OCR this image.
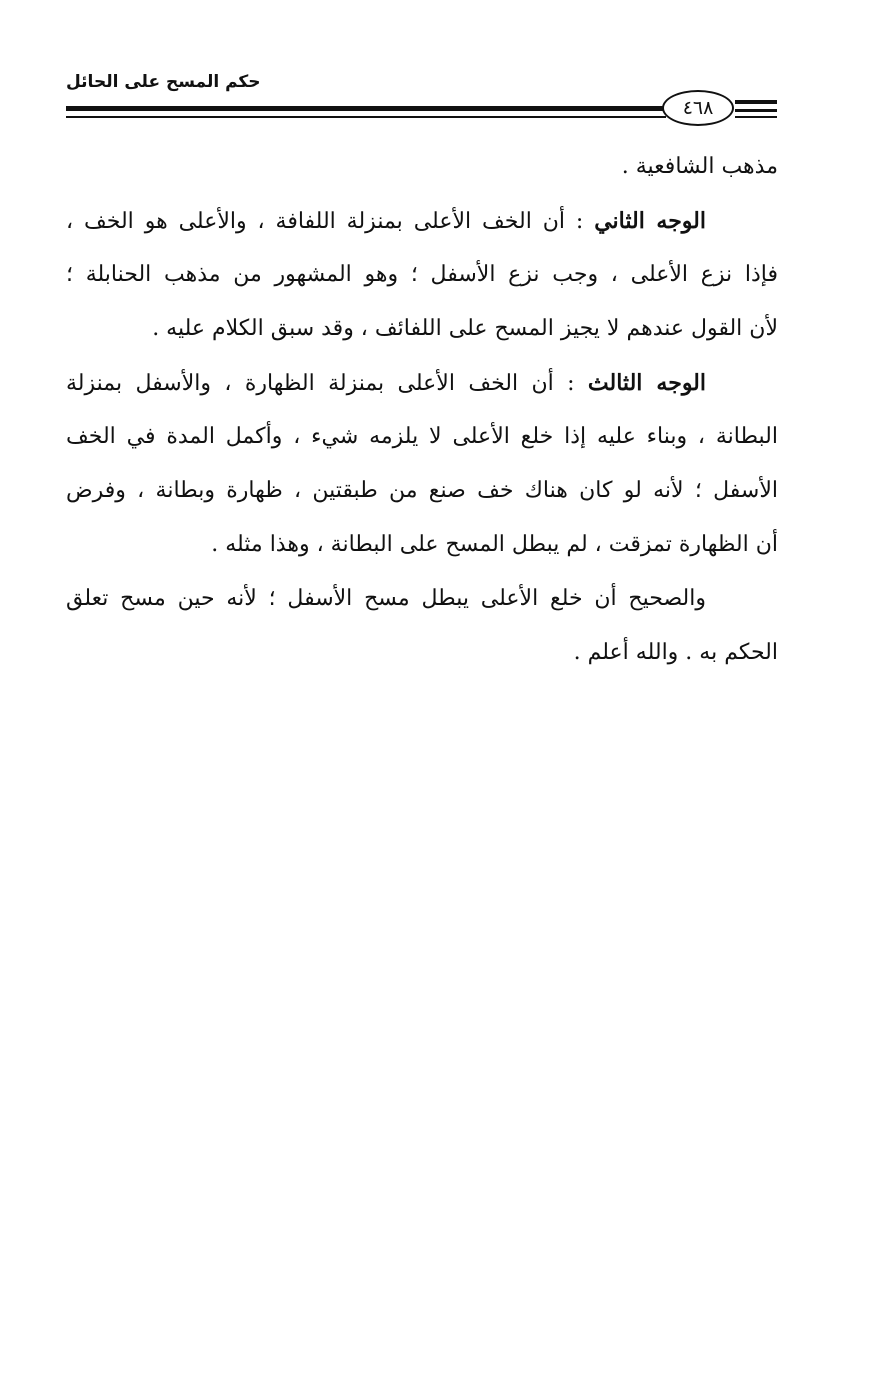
حكم المسح على الحائل
٤٦٨
مذهب الشافعية .
الوجه الثاني : أن الخف الأعلى بمنزلة اللفافة ، والأعلى هو الخف ،
فإذا نزع الأعلى ، وجب نزع الأسفل ؛ وهو المشهور من مذهب الحنابلة ؛
لأن القول عندهم لا يجيز المسح على اللفائف ، وقد سبق الكلام عليه .
الوجه الثالث : أن الخف الأعلى بمنزلة الظهارة ، والأسفل بمنزلة
البطانة ، وبناء عليه إذا خلع الأعلى لا يلزمه شيء ، وأكمل المدة في الخف
الأسفل ؛ لأنه لو كان هناك خف صنع من طبقتين ، ظهارة وبطانة ، وفرض
أن الظهارة تمزقت ، لم يبطل المسح على البطانة ، وهذا مثله .
والصحيح أن خلع الأعلى يبطل مسح الأسفل ؛ لأنه حين مسح تعلق
الحكم به . والله أعلم .
